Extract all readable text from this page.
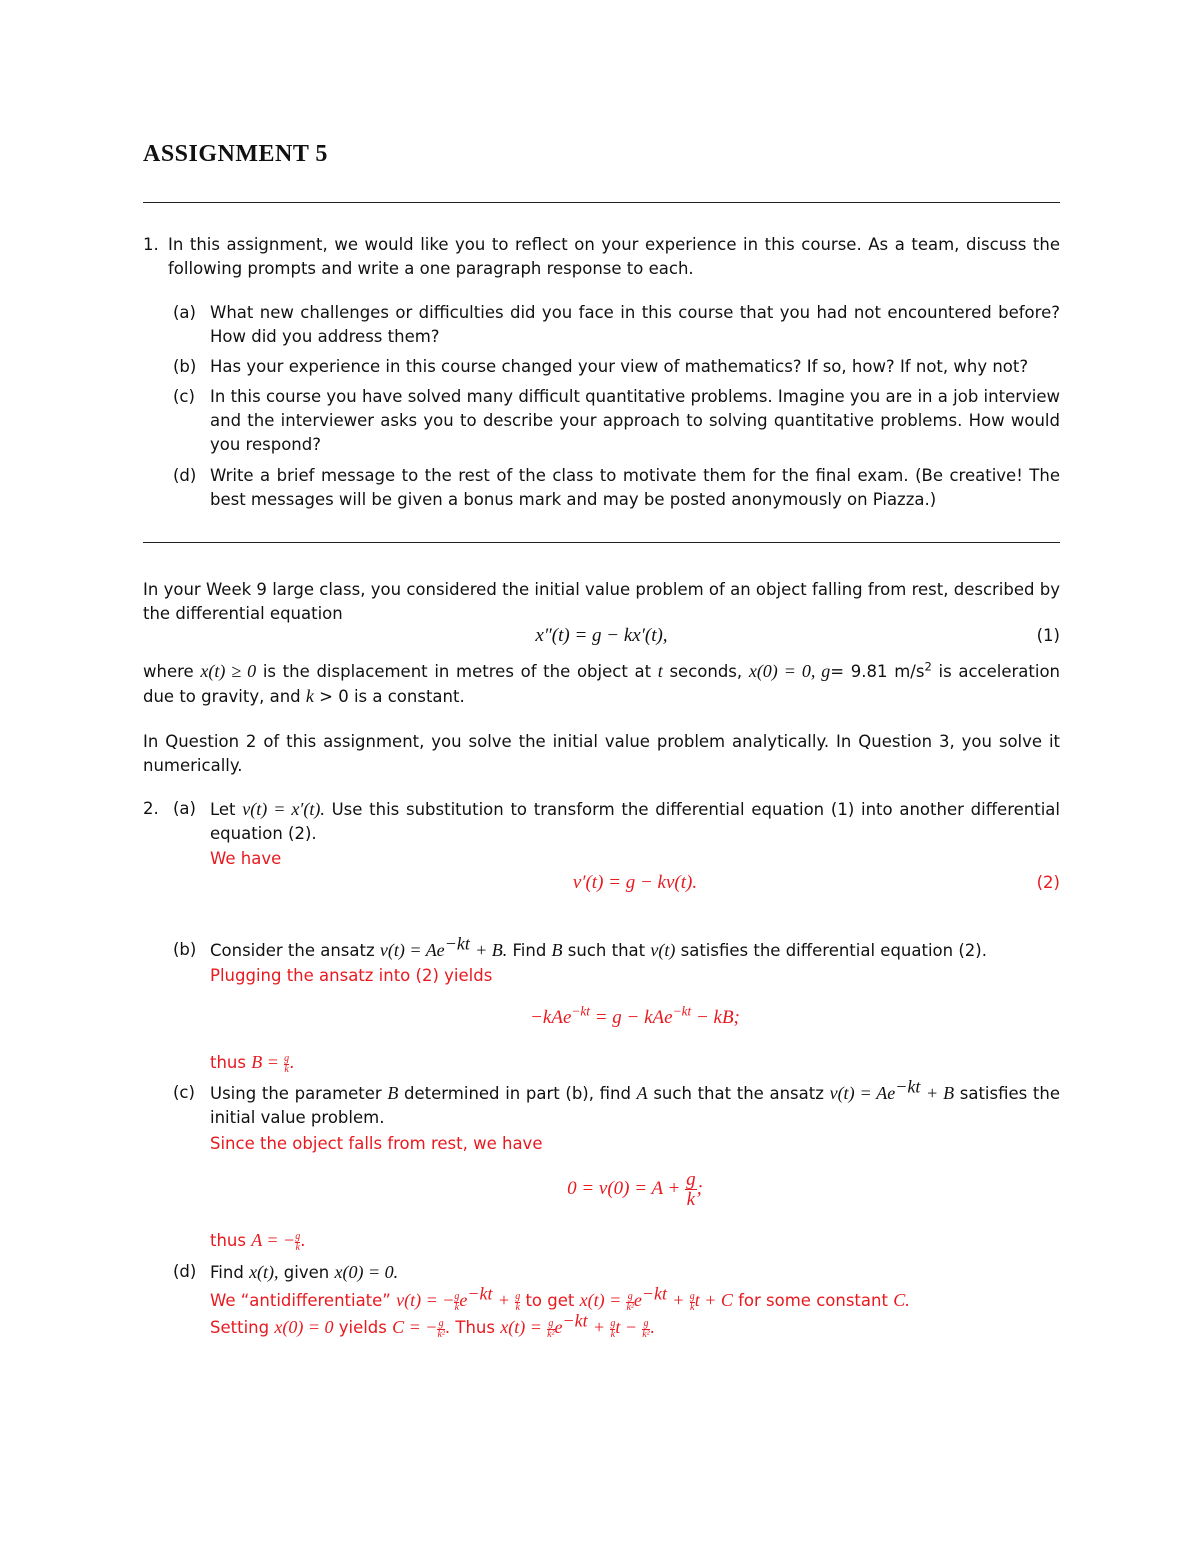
ASSIGNMENT 5
1. In this assignment, we would like you to reflect on your experience in this course. As a team, discuss the following prompts and write a one paragraph response to each.
(a) What new challenges or difficulties did you face in this course that you had not encountered before? How did you address them?
(b) Has your experience in this course changed your view of mathematics? If so, how? If not, why not?
(c) In this course you have solved many difficult quantitative problems. Imagine you are in a job interview and the interviewer asks you to describe your approach to solving quantitative problems. How would you respond?
(d) Write a brief message to the rest of the class to motivate them for the final exam. (Be creative! The best messages will be given a bonus mark and may be posted anonymously on Piazza.)
In your Week 9 large class, you considered the initial value problem of an object falling from rest, described by the differential equation
x″(t) = g − kx′(t),	(1)
where x(t) ≥ 0 is the displacement in metres of the object at t seconds, x(0) = 0, g= 9.81 $m/s^2$ is acceleration due to gravity, and k > 0 is a constant.
In Question 2 of this assignment, you solve the initial value problem analytically. In Question 3, you solve it numerically.
2. (a) Let v(t) = x′(t). Use this substitution to transform the differential equation (1) into another differential equation (2).
We have
v′(t) = g − kv(t).	(2)
(b) Consider the ansatz $v(t) = Ae^{-kt} + B$. Find B such that v(t) satisfies the differential equation (2).
Plugging the ansatz into (2) yields
−kAe$^{-kt}$ = g − kAe$^{-kt}$ − kB;
thus $B = \frac{g}{k}$ .
(c) Using the parameter B determined in part (b), find A such that the ansatz $v(t) = Ae^{-kt} + B$ satisfies the initial value problem.
Since the object falls from rest, we have
$0 = v(0) = A + \frac{g}{k}$ ;
thus A = − $\frac{g}{k}$ .
(d) Find x(t), given x(0) = 0.
We “antidifferentiate” v(t) = − $\frac{g}{k} e^{-kt} + \frac{g}{k}$ to get $x(t) = \frac{g}{\text{k²}} e^{-kt} + \frac{g}{k}$ t + C for some constant C.
Setting x(0) = 0 yields C = − $\frac{g}{\text{k²}}$ . Thus $x(t) = \frac{g}{\text{k²}} e^{-kt} + \frac{g}{k}$ $t - \frac{g}{\text{k²}}$ .
